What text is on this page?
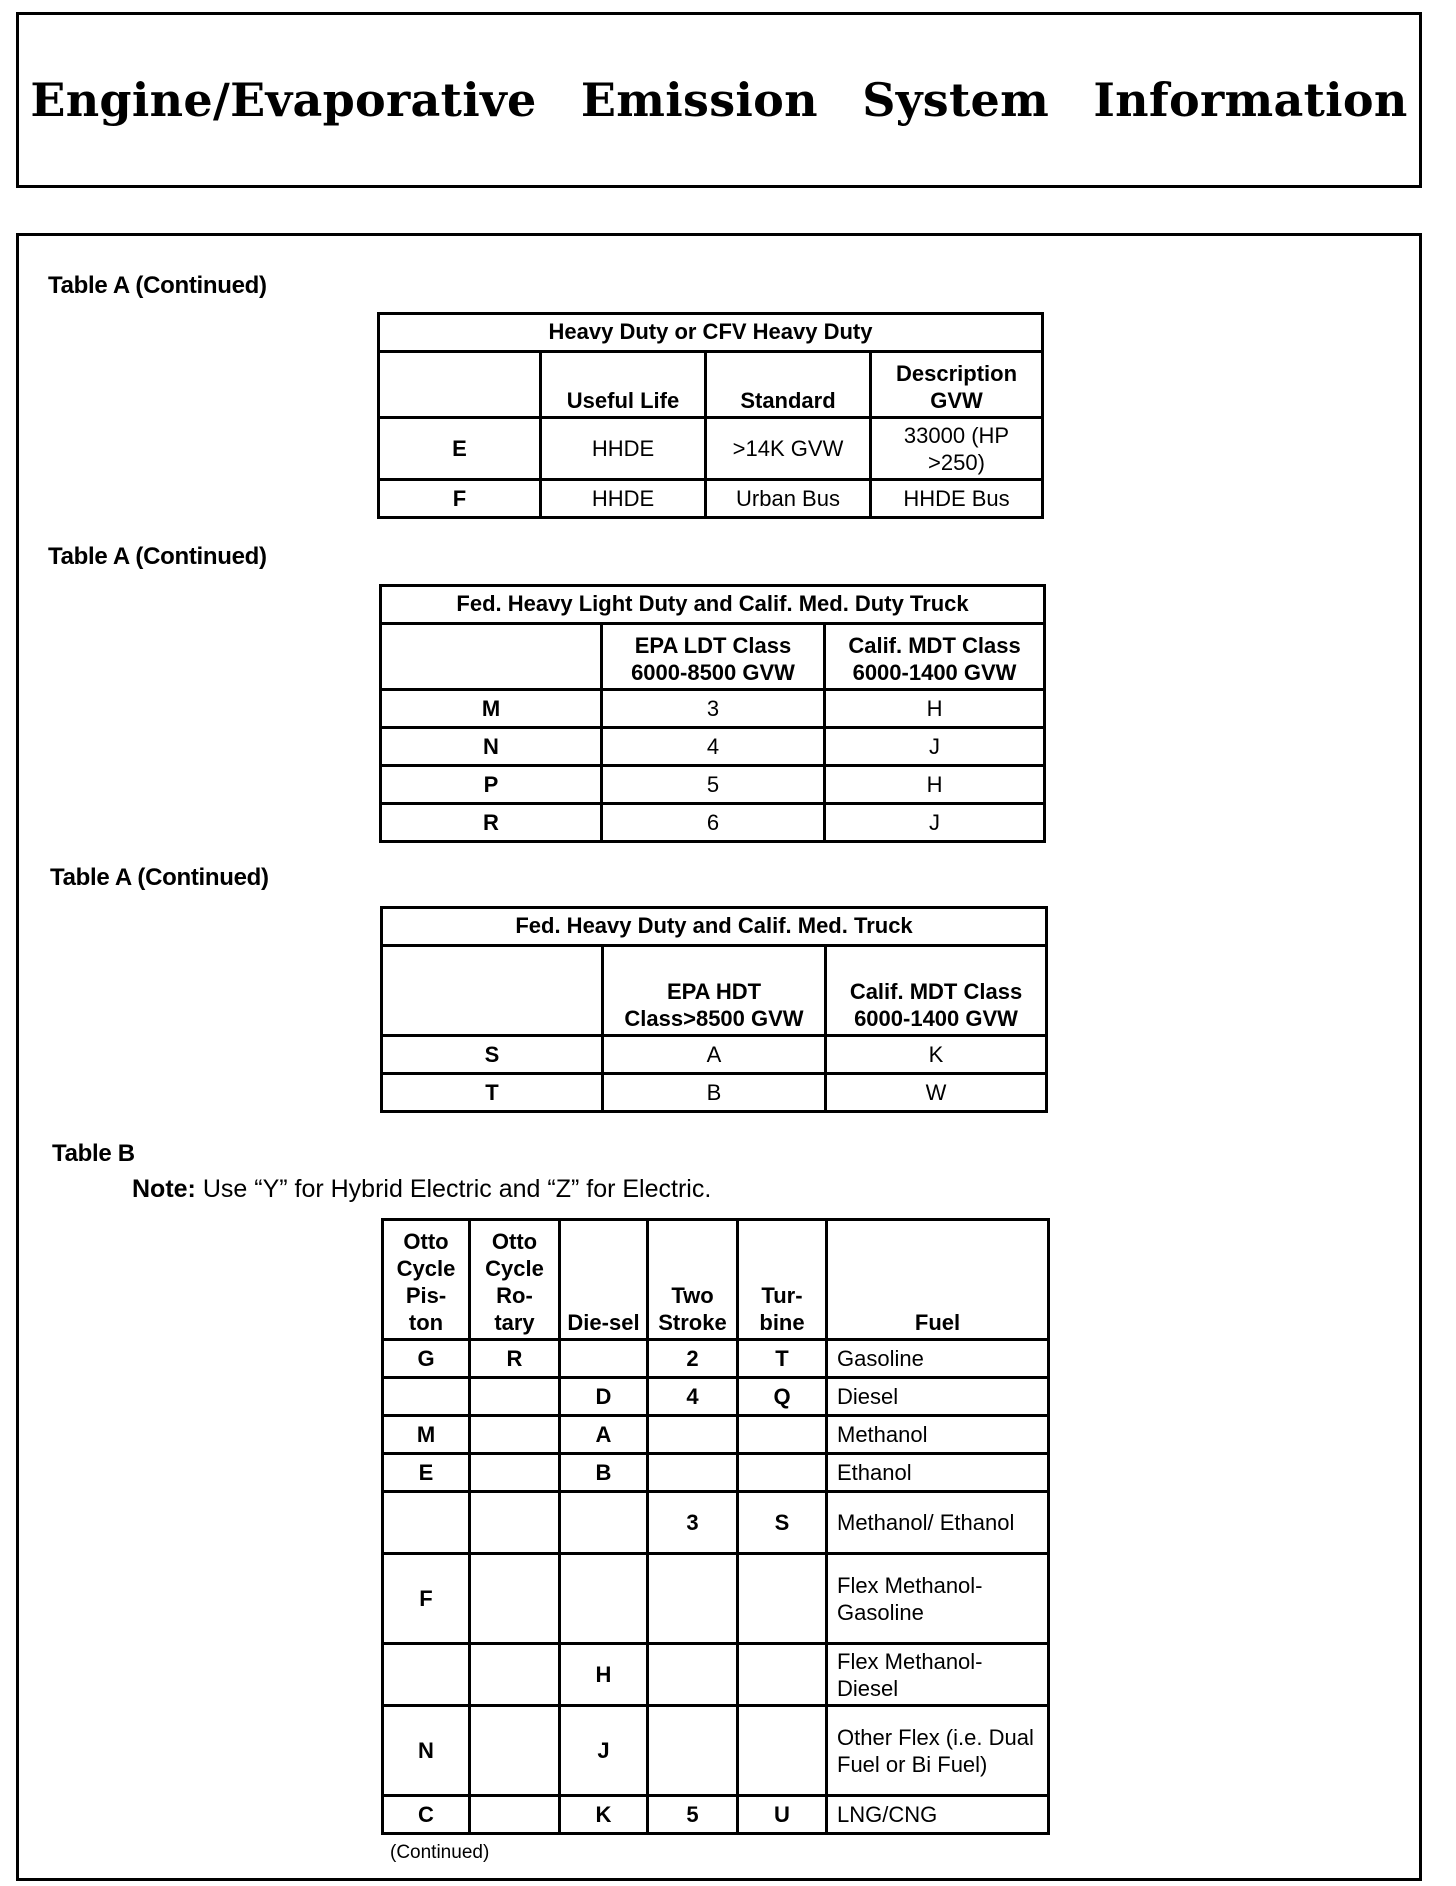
Engine/Evaporative Emission System Information
Table A (Continued)
Heavy Duty or CFV Heavy Duty			
	Useful Life	Standard	Description GVW
E	HHDE	>14K GVW	33000 (HP >250)
F	HHDE	Urban Bus	HHDE Bus
Table A (Continued)
Fed. Heavy Light Duty and Calif. Med. Duty Truck		
	EPA LDT Class 6000-8500 GVW	Calif. MDT Class 6000-1400 GVW
M	3	H
N	4	J
P	5	H
R	6	J
Table A (Continued)
Fed. Heavy Duty and Calif. Med. Truck		
	EPA HDT Class>8500 GVW	Calif. MDT Class 6000-1400 GVW
S	A	K
T	B	W
Table B
Note: Use “Y” for Hybrid Electric and “Z” for Electric.
Otto Cycle Pis-ton	Otto Cycle Ro-tary	Die-sel	Two Stroke	Tur-bine	Fuel
G	R		2	T	Gasoline
		D	4	Q	Diesel
M		A			Methanol
E		B			Ethanol
			3	S	Methanol/ Ethanol
F					Flex Methanol-Gasoline
		H			Flex Methanol-Diesel
N		J			Other Flex (i.e. Dual Fuel or Bi Fuel)
C		K	5	U	LNG/CNG
(Continued)
